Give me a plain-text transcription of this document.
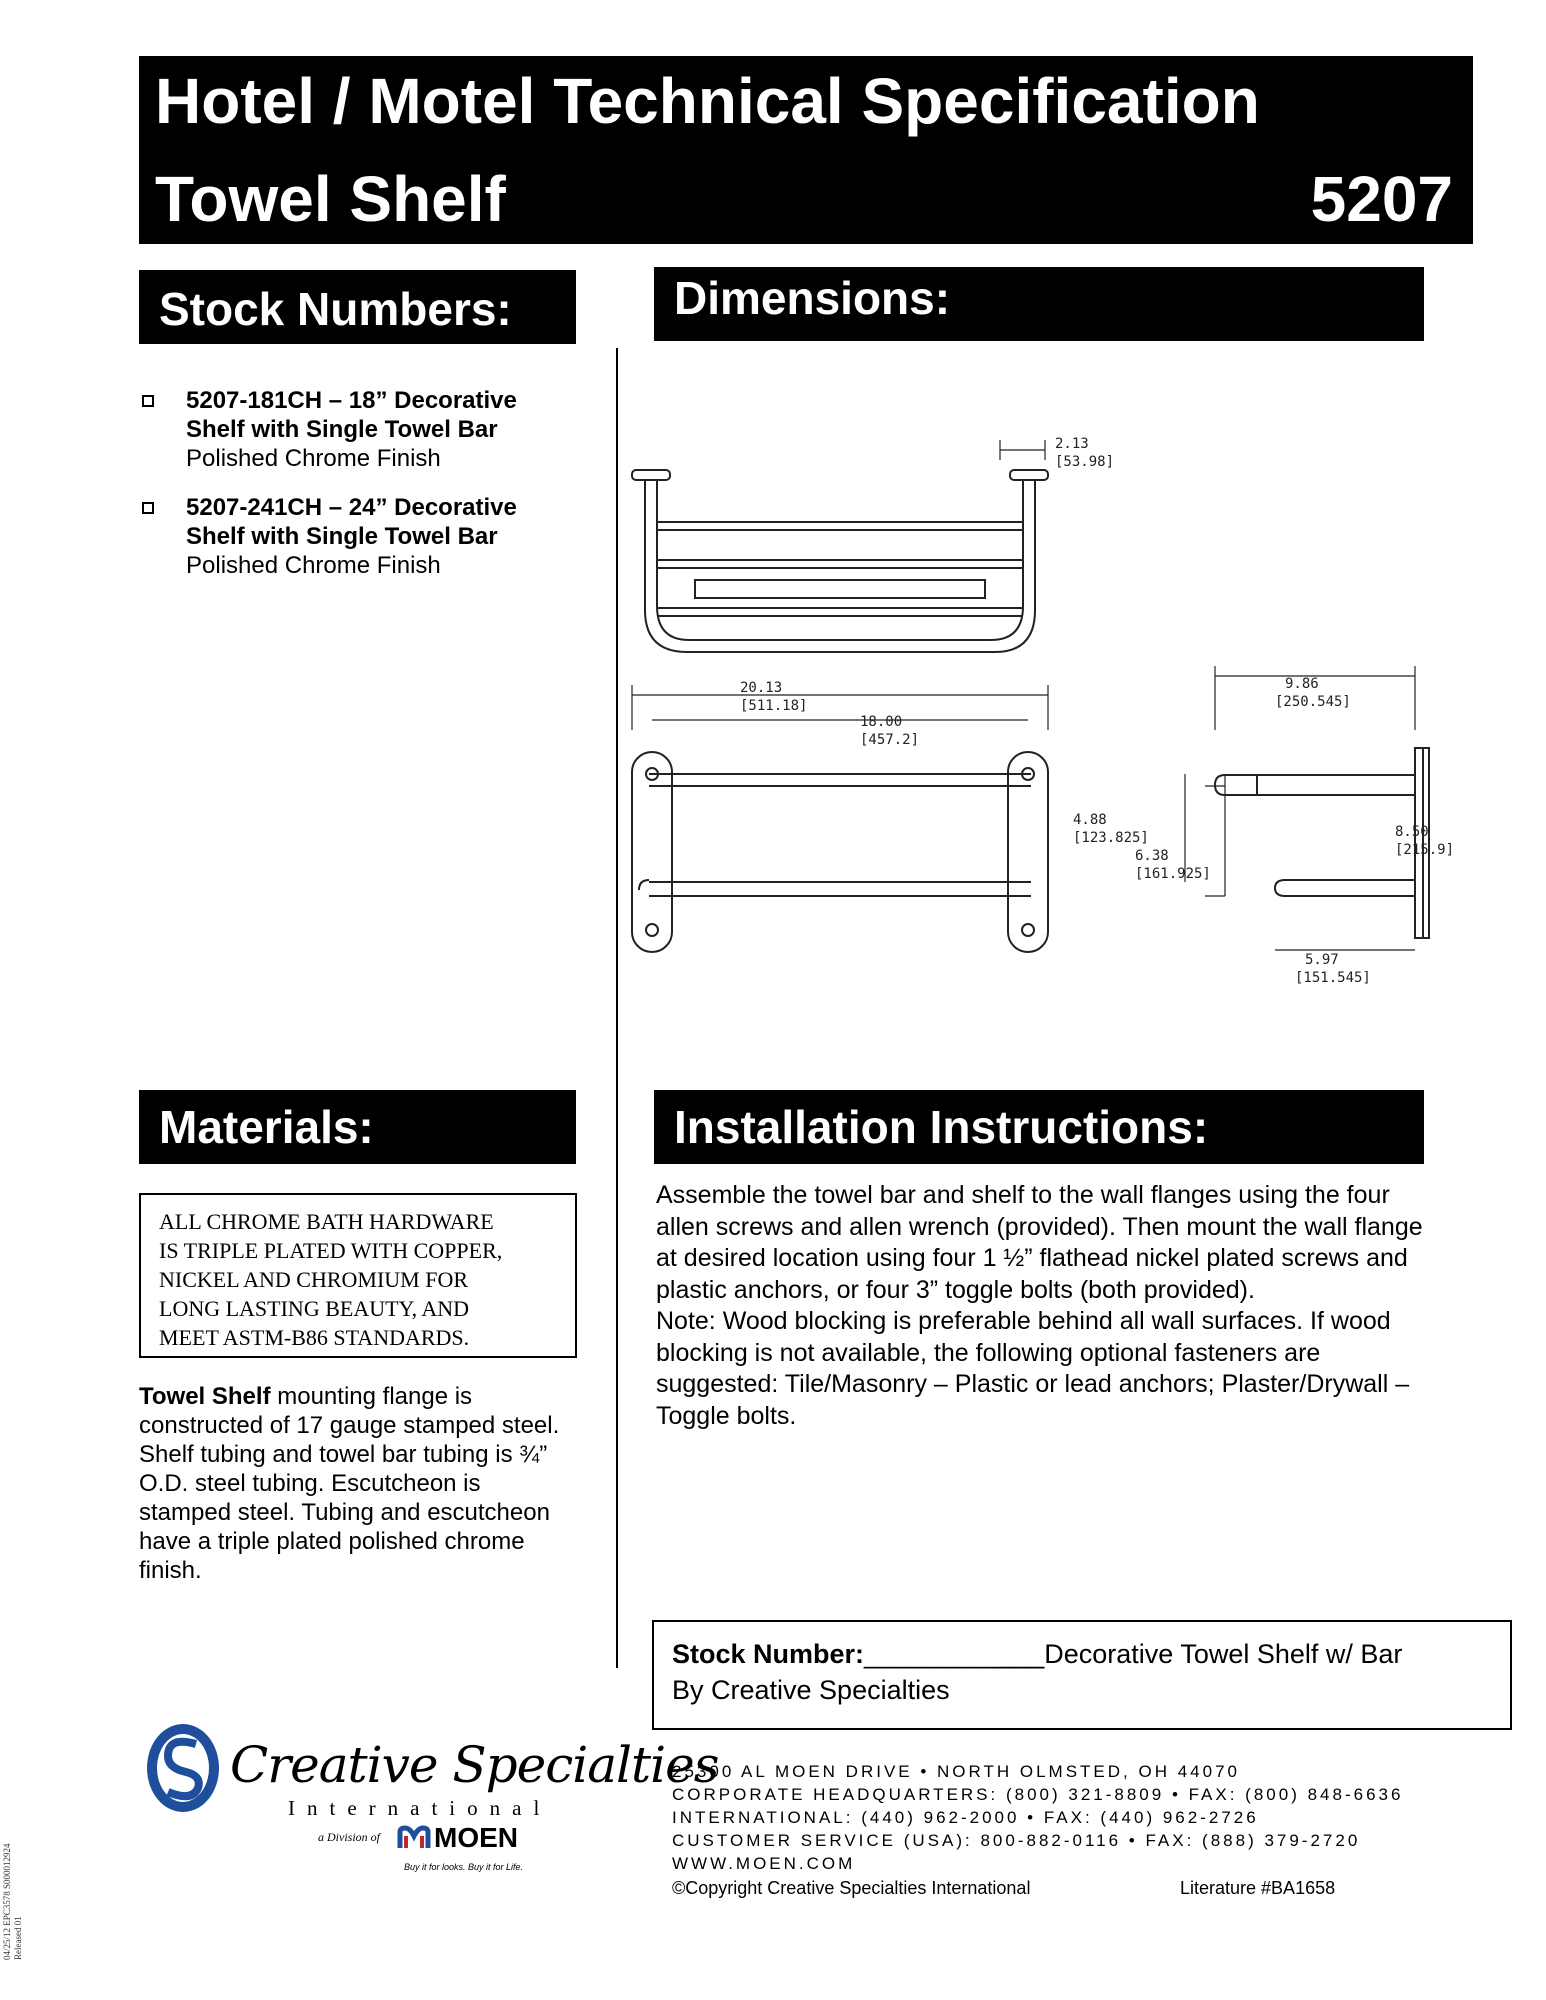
Hotel / Motel Technical Specification
Towel Shelf	5207
Stock Numbers:	Dimensions:
Materials:	Installation Instructions:
5207-181CH – 18” Decorative
Shelf with Single Towel Bar
Polished Chrome Finish
5207-241CH – 24” Decorative
Shelf with Single Towel Bar
Polished Chrome Finish
2.13
[53.98]
20.13
[511.18]
18.00
[457.2]
4.88
[123.825]
6.38
[161.925]
9.86
[250.545]
8.50
[215.9]
5.97
[151.545]
ALL CHROME BATH HARDWARE
IS TRIPLE PLATED WITH COPPER,
NICKEL AND CHROMIUM FOR
LONG LASTING BEAUTY, AND
MEET ASTM-B86 STANDARDS.
Towel Shelf mounting flange is constructed of 17 gauge stamped steel. Shelf tubing and towel bar tubing is ¾” O.D. steel tubing. Escutcheon is stamped steel. Tubing and escutcheon have a triple plated polished chrome finish.

Assemble the towel bar and shelf to the wall flanges using the four allen screws and allen wrench (provided). Then mount the wall flange at desired location using four 1 ½” flathead nickel plated screws and plastic anchors, or four 3” toggle bolts (both provided).

Note: Wood blocking is preferable behind all wall surfaces. If wood blocking is not available, the following optional fasteners are suggested: Tile/Masonry – Plastic or lead anchors; Plaster/Drywall – Toggle bolts.

Stock Number:____________Decorative Towel Shelf w/ Bar
By Creative Specialties
Creative Specialties
International
a Division of MOEN
Buy it for looks. Buy it for Life.
25300 AL MOEN DRIVE • NORTH OLMSTED, OH 44070
CORPORATE HEADQUARTERS: (800) 321-8809 • FAX: (800) 848-6636
INTERNATIONAL: (440) 962-2000 • FAX: (440) 962-2726
CUSTOMER SERVICE (USA): 800-882-0116 • FAX: (888) 379-2720
WWW.MOEN.COM
©Copyright Creative Specialties International	Literature #BA1658
04/25/12 EPC3578 S000012924 Released 01
